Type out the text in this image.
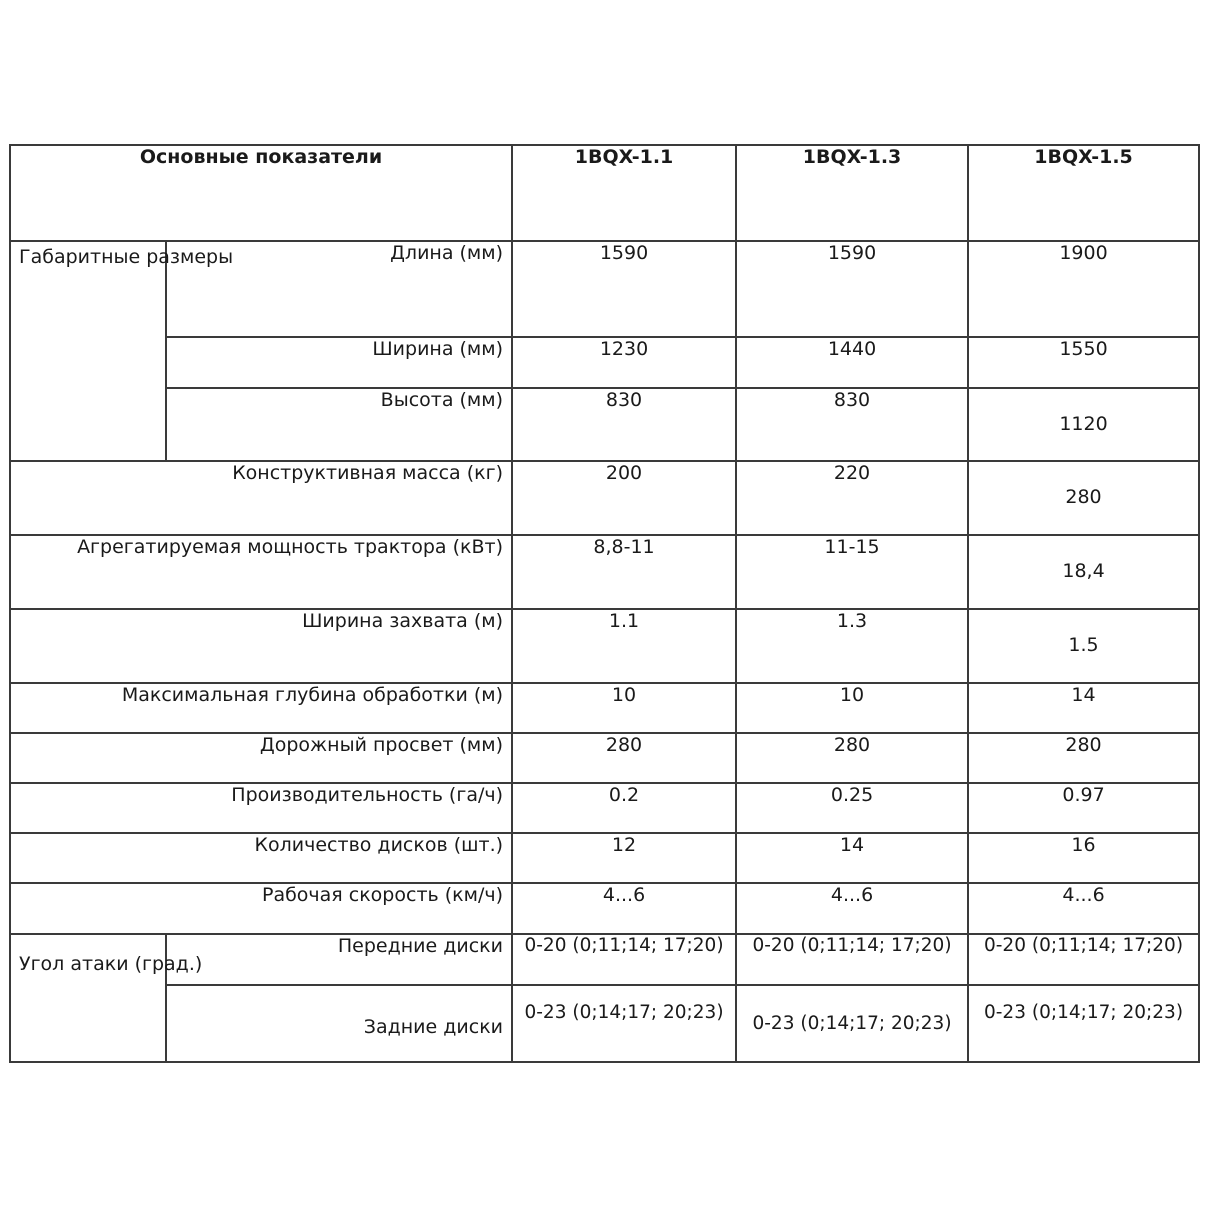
Основные показатели		1BQX-1.1	1BQX-1.3	1BQX-1.5
Габаритные размеры	Длина (мм)	1590	1590	1900
	Ширина (мм)	1230	1440	1550
	Высота (мм)	830	830	1120
Конструктивная масса (кг)		200	220	280
Агрегатируемая мощность трактора (кВт)		8,8-11	11-15	18,4
Ширина захвата (м)		1.1	1.3	1.5
Максимальная глубина обработки (м)		10	10	14
Дорожный просвет (мм)		280	280	280
Производительность (га/ч)		0.2	0.25	0.97
Количество дисков (шт.)		12	14	16
Рабочая скорость (км/ч)		4...6	4...6	4...6
Угол атаки (град.)	Передние диски	0-20 (0;11;14; 17;20)	0-20 (0;11;14; 17;20)	0-20 (0;11;14; 17;20)
	Задние диски	0-23 (0;14;17; 20;23)	0-23 (0;14;17; 20;23)	0-23 (0;14;17; 20;23)
